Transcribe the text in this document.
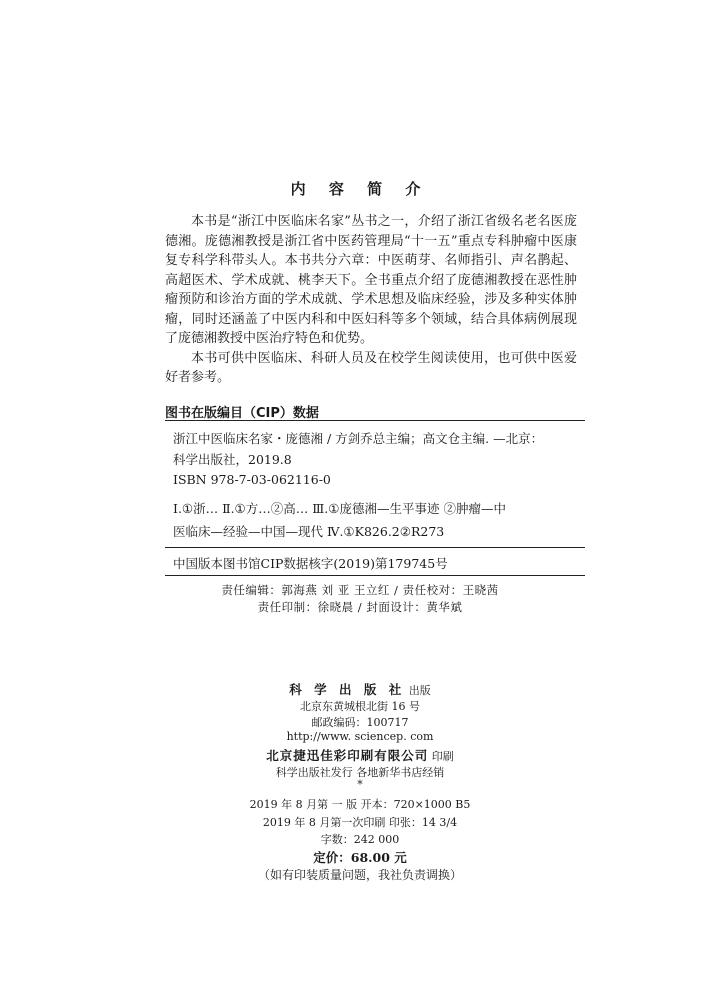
内 容 简 介

本书是“浙江中医临床名家”丛书之一，介绍了浙江省级名老名医庞德湘。庞德湘教授是浙江省中医药管理局“十一五”重点专科肿瘤中医康复专科学科带头人。本书共分六章：中医萌芽、名师指引、声名鹊起、高超医术、学术成就、桃李天下。全书重点介绍了庞德湘教授在恶性肿瘤预防和诊治方面的学术成就、学术思想及临床经验，涉及多种实体肿瘤，同时还涵盖了中医内科和中医妇科等多个领域，结合具体病例展现了庞德湘教授中医治疗特色和优势。

本书可供中医临床、科研人员及在校学生阅读使用，也可供中医爱好者参考。

图书在版编目（CIP）数据
浙江中医临床名家・庞德湘 / 方剑乔总主编；高文仓主编. —北京：
科学出版社，2019.8
ISBN 978-7-03-062116-0
Ⅰ.①浙… Ⅱ.①方…②高… Ⅲ.①庞德湘—生平事迹 ②肿瘤—中
医临床—经验—中国—现代 Ⅳ.①K826.2②R273
中国版本图书馆CIP数据核字(2019)第179745号
责任编辑：郭海燕 刘 亚 王立红 / 责任校对：王晓茜
责任印制：徐晓晨 / 封面设计：黄华斌
科 学 出 版 社 出版
北京东黄城根北街 16 号
邮政编码：100717
http://www. sciencep. com
北京捷迅佳彩印刷有限公司 印刷
科学出版社发行 各地新华书店经销
*
2019 年 8 月第 一 版 开本：720×1000 B5
2019 年 8 月第一次印刷 印张：14 3/4
字数：242 000
定价：68.00 元
（如有印装质量问题，我社负责调换）
